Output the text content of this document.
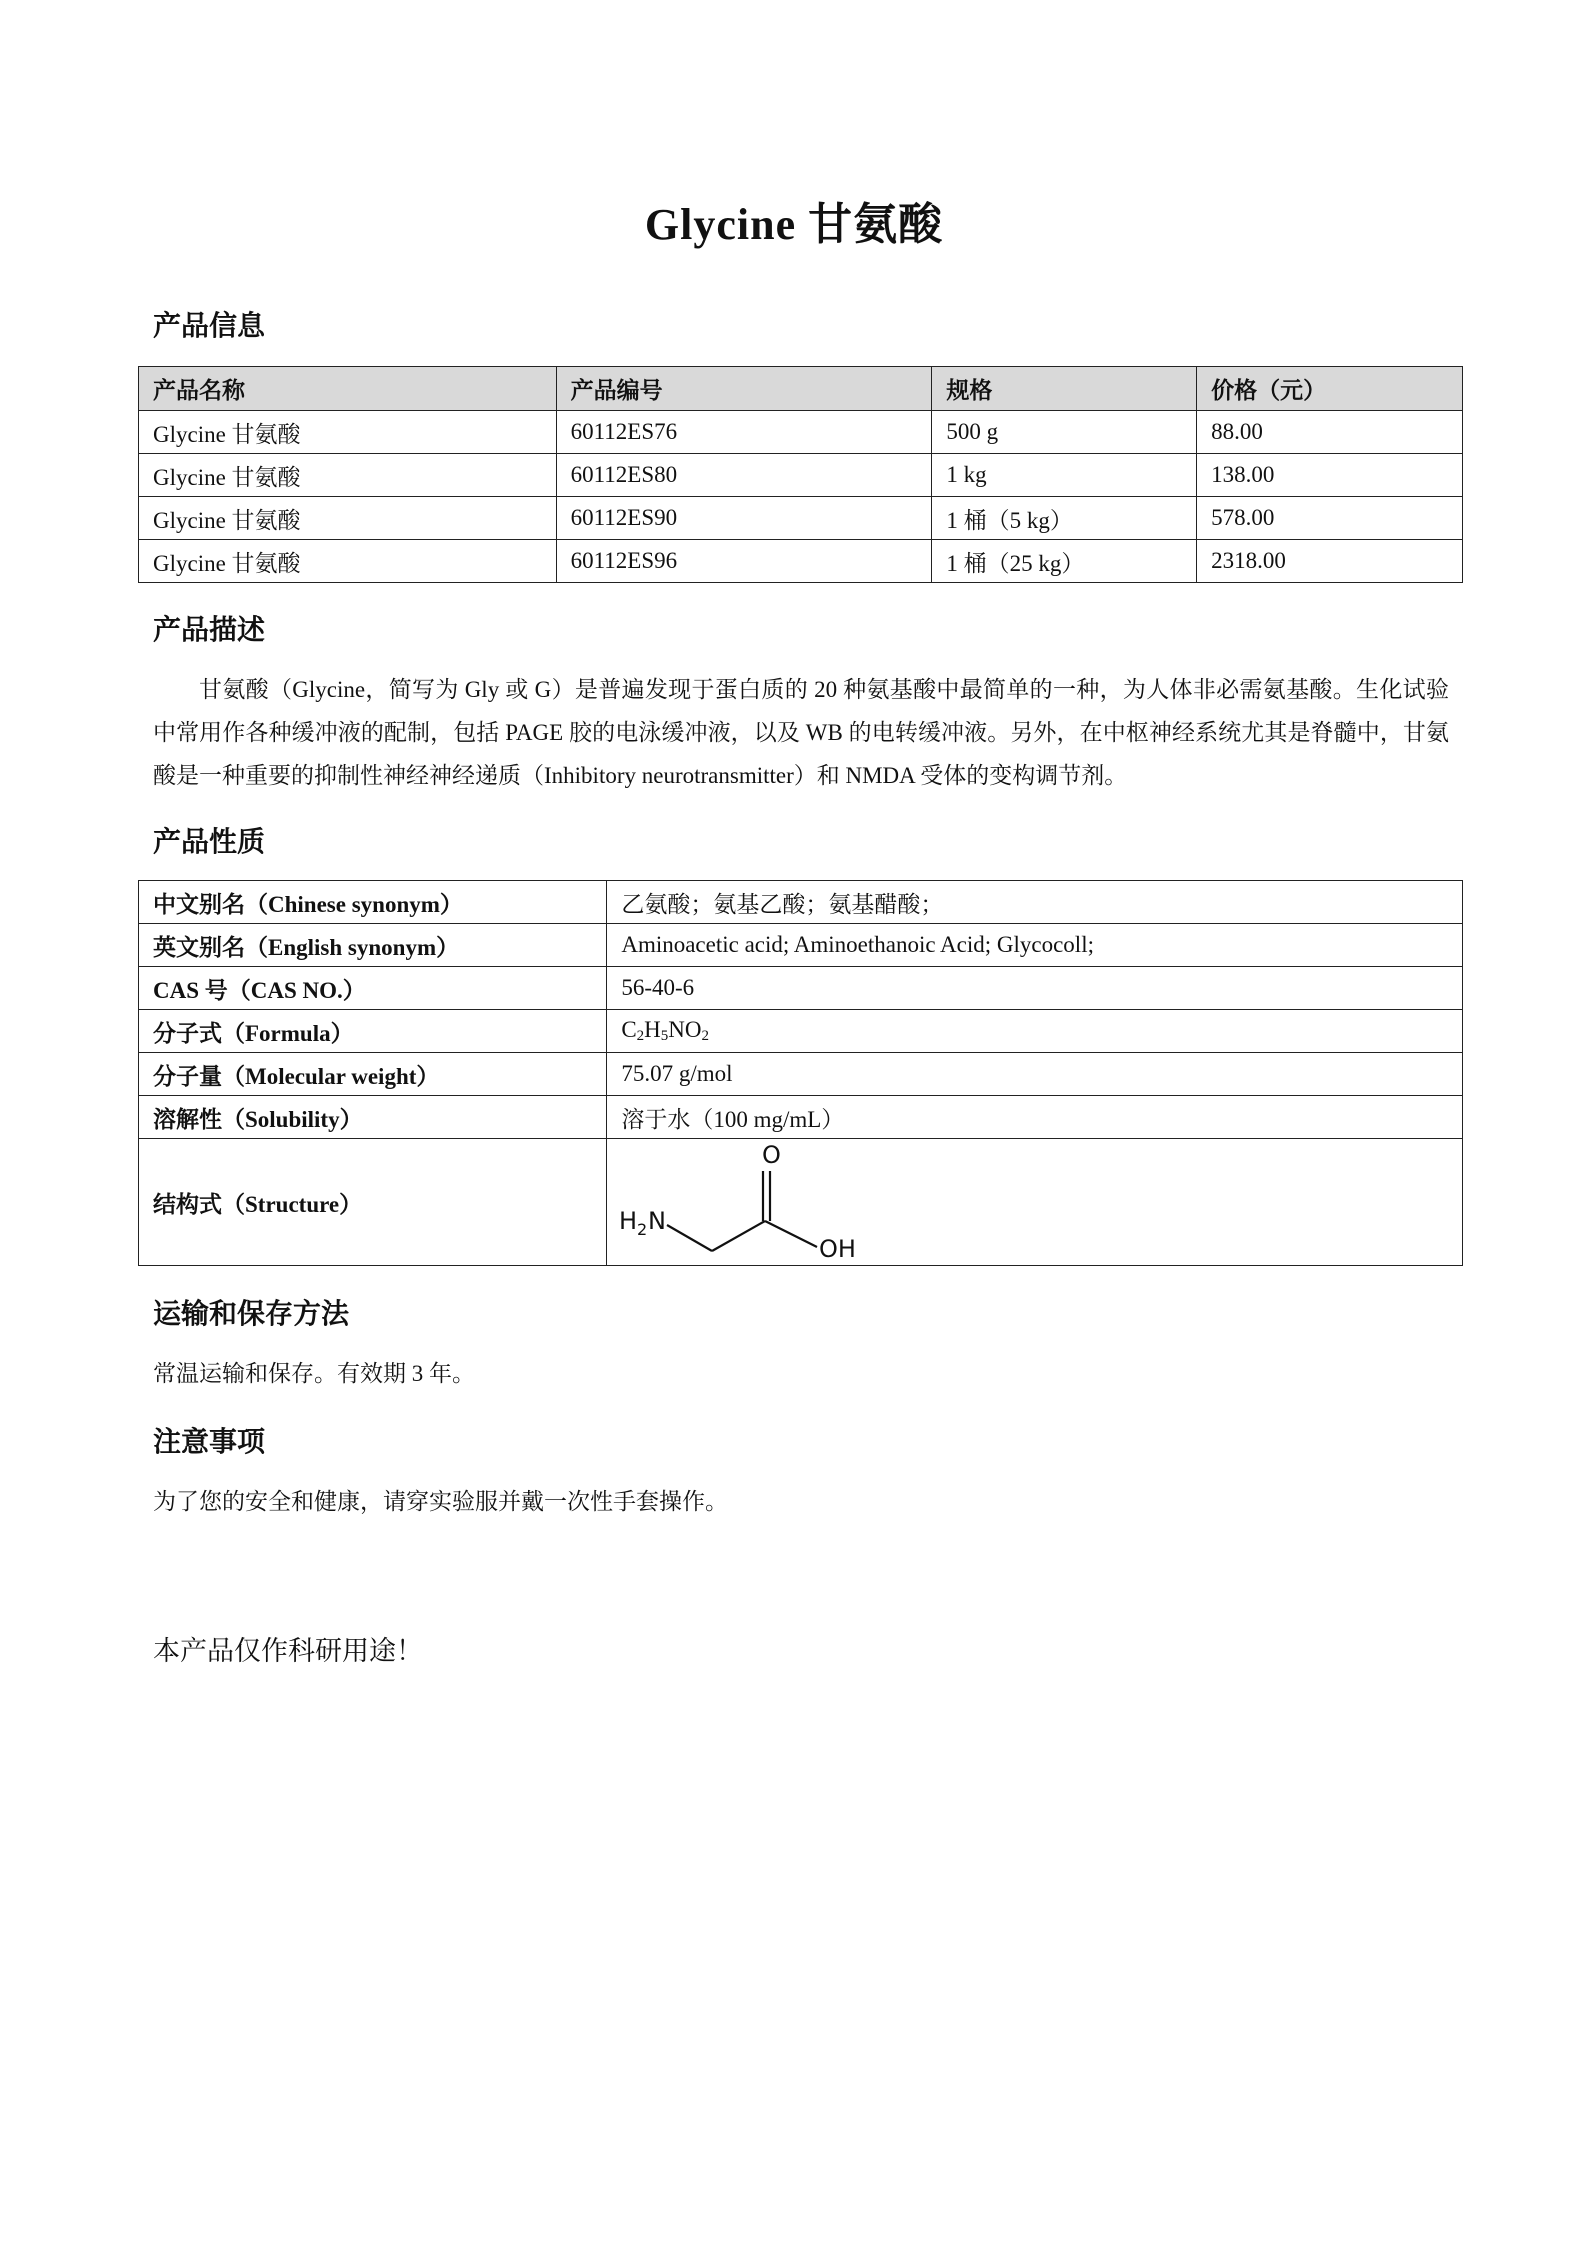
Glycine 甘氨酸
产品信息
产品名称	产品编号	规格	价格（元）
Glycine 甘氨酸	60112ES76	500 g	88.00
Glycine 甘氨酸	60112ES80	1 kg	138.00
Glycine 甘氨酸	60112ES90	1 桶（5 kg）	578.00
Glycine 甘氨酸	60112ES96	1 桶（25 kg）	2318.00
产品描述
甘氨酸（Glycine，简写为 Gly 或 G）是普遍发现于蛋白质的 20 种氨基酸中最简单的一种，为人体非必需氨基酸。生化试验中常用作各种缓冲液的配制，包括 PAGE 胶的电泳缓冲液，以及 WB 的电转缓冲液。另外，在中枢神经系统尤其是脊髓中，甘氨酸是一种重要的抑制性神经神经递质（Inhibitory neurotransmitter）和 NMDA 受体的变构调节剂。
产品性质
中文别名（Chinese synonym）	乙氨酸；氨基乙酸；氨基醋酸；
英文别名（English synonym）	Aminoacetic acid; Aminoethanoic Acid; Glycocoll;
CAS 号（CAS NO.）	56-40-6
分子式（Formula）	$C_2H_5NO_2$
分子量（Molecular weight）	75.07 g/mol
溶解性（Solubility）	溶于水（100 mg/mL）
结构式（Structure）	H 2 N
O
OH
运输和保存方法
常温运输和保存。有效期 3 年。
注意事项
为了您的安全和健康，请穿实验服并戴一次性手套操作。
本产品仅作科研用途！
